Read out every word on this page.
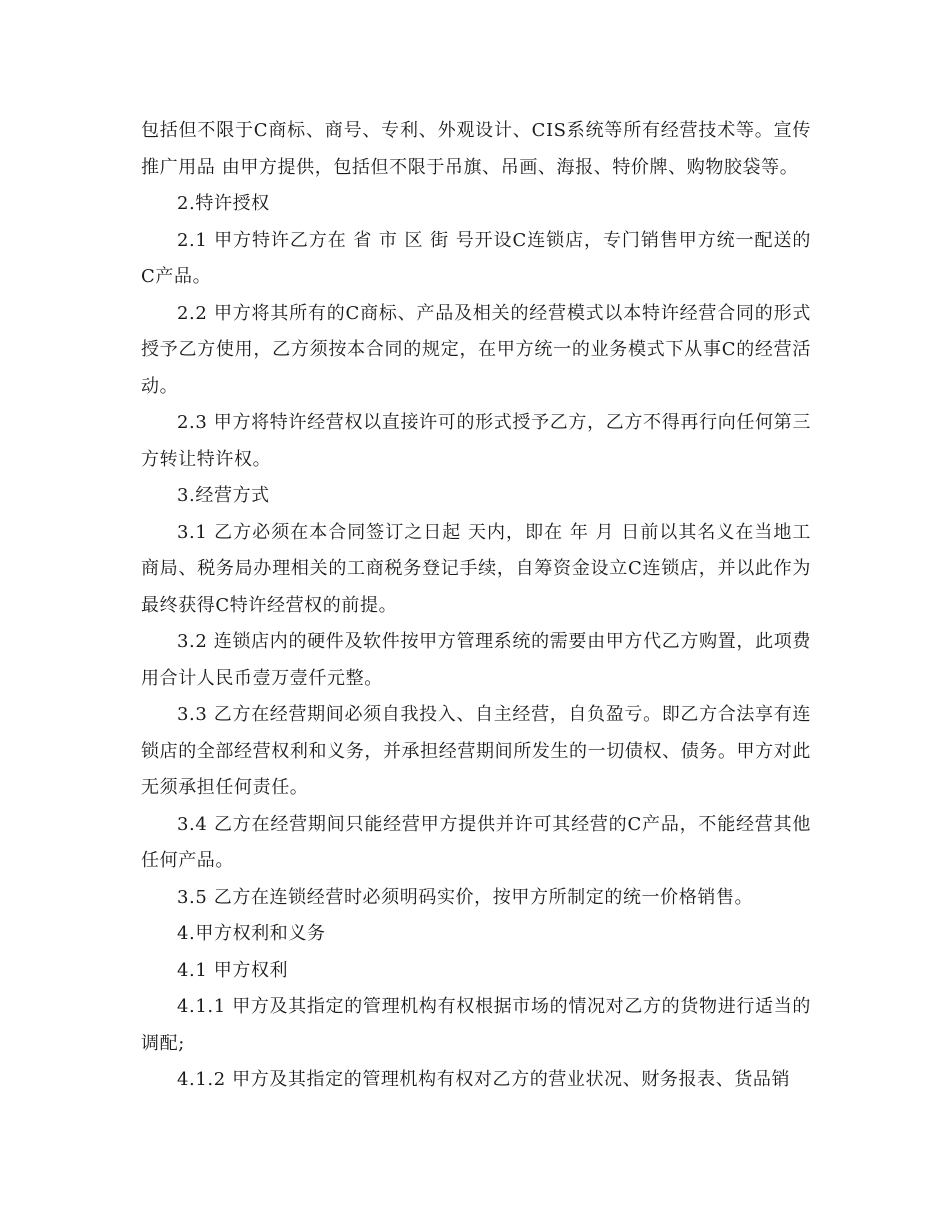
包括但不限于C商标、商号、专利、外观设计、CIS系统等所有经营技术等。宣传推广用品 由甲方提供，包括但不限于吊旗、吊画、海报、特价牌、购物胶袋等。

2.特许授权

2.1 甲方特许乙方在 省 市 区 街 号开设C连锁店，专门销售甲方统一配送的C产品。

2.2 甲方将其所有的C商标、产品及相关的经营模式以本特许经营合同的形式授予乙方使用，乙方须按本合同的规定，在甲方统一的业务模式下从事C的经营活动。

2.3 甲方将特许经营权以直接许可的形式授予乙方，乙方不得再行向任何第三方转让特许权。

3.经营方式

3.1 乙方必须在本合同签订之日起 天内，即在 年 月 日前以其名义在当地工商局、税务局办理相关的工商税务登记手续，自筹资金设立C连锁店，并以此作为最终获得C特许经营权的前提。

3.2 连锁店内的硬件及软件按甲方管理系统的需要由甲方代乙方购置，此项费用合计人民币壹万壹仟元整。

3.3 乙方在经营期间必须自我投入、自主经营，自负盈亏。即乙方合法享有连锁店的全部经营权利和义务，并承担经营期间所发生的一切债权、债务。甲方对此无须承担任何责任。

3.4 乙方在经营期间只能经营甲方提供并许可其经营的C产品，不能经营其他任何产品。

3.5 乙方在连锁经营时必须明码实价，按甲方所制定的统一价格销售。

4.甲方权利和义务

4.1 甲方权利

4.1.1 甲方及其指定的管理机构有权根据市场的情况对乙方的货物进行适当的调配;

4.1.2 甲方及其指定的管理机构有权对乙方的营业状况、财务报表、货品销
